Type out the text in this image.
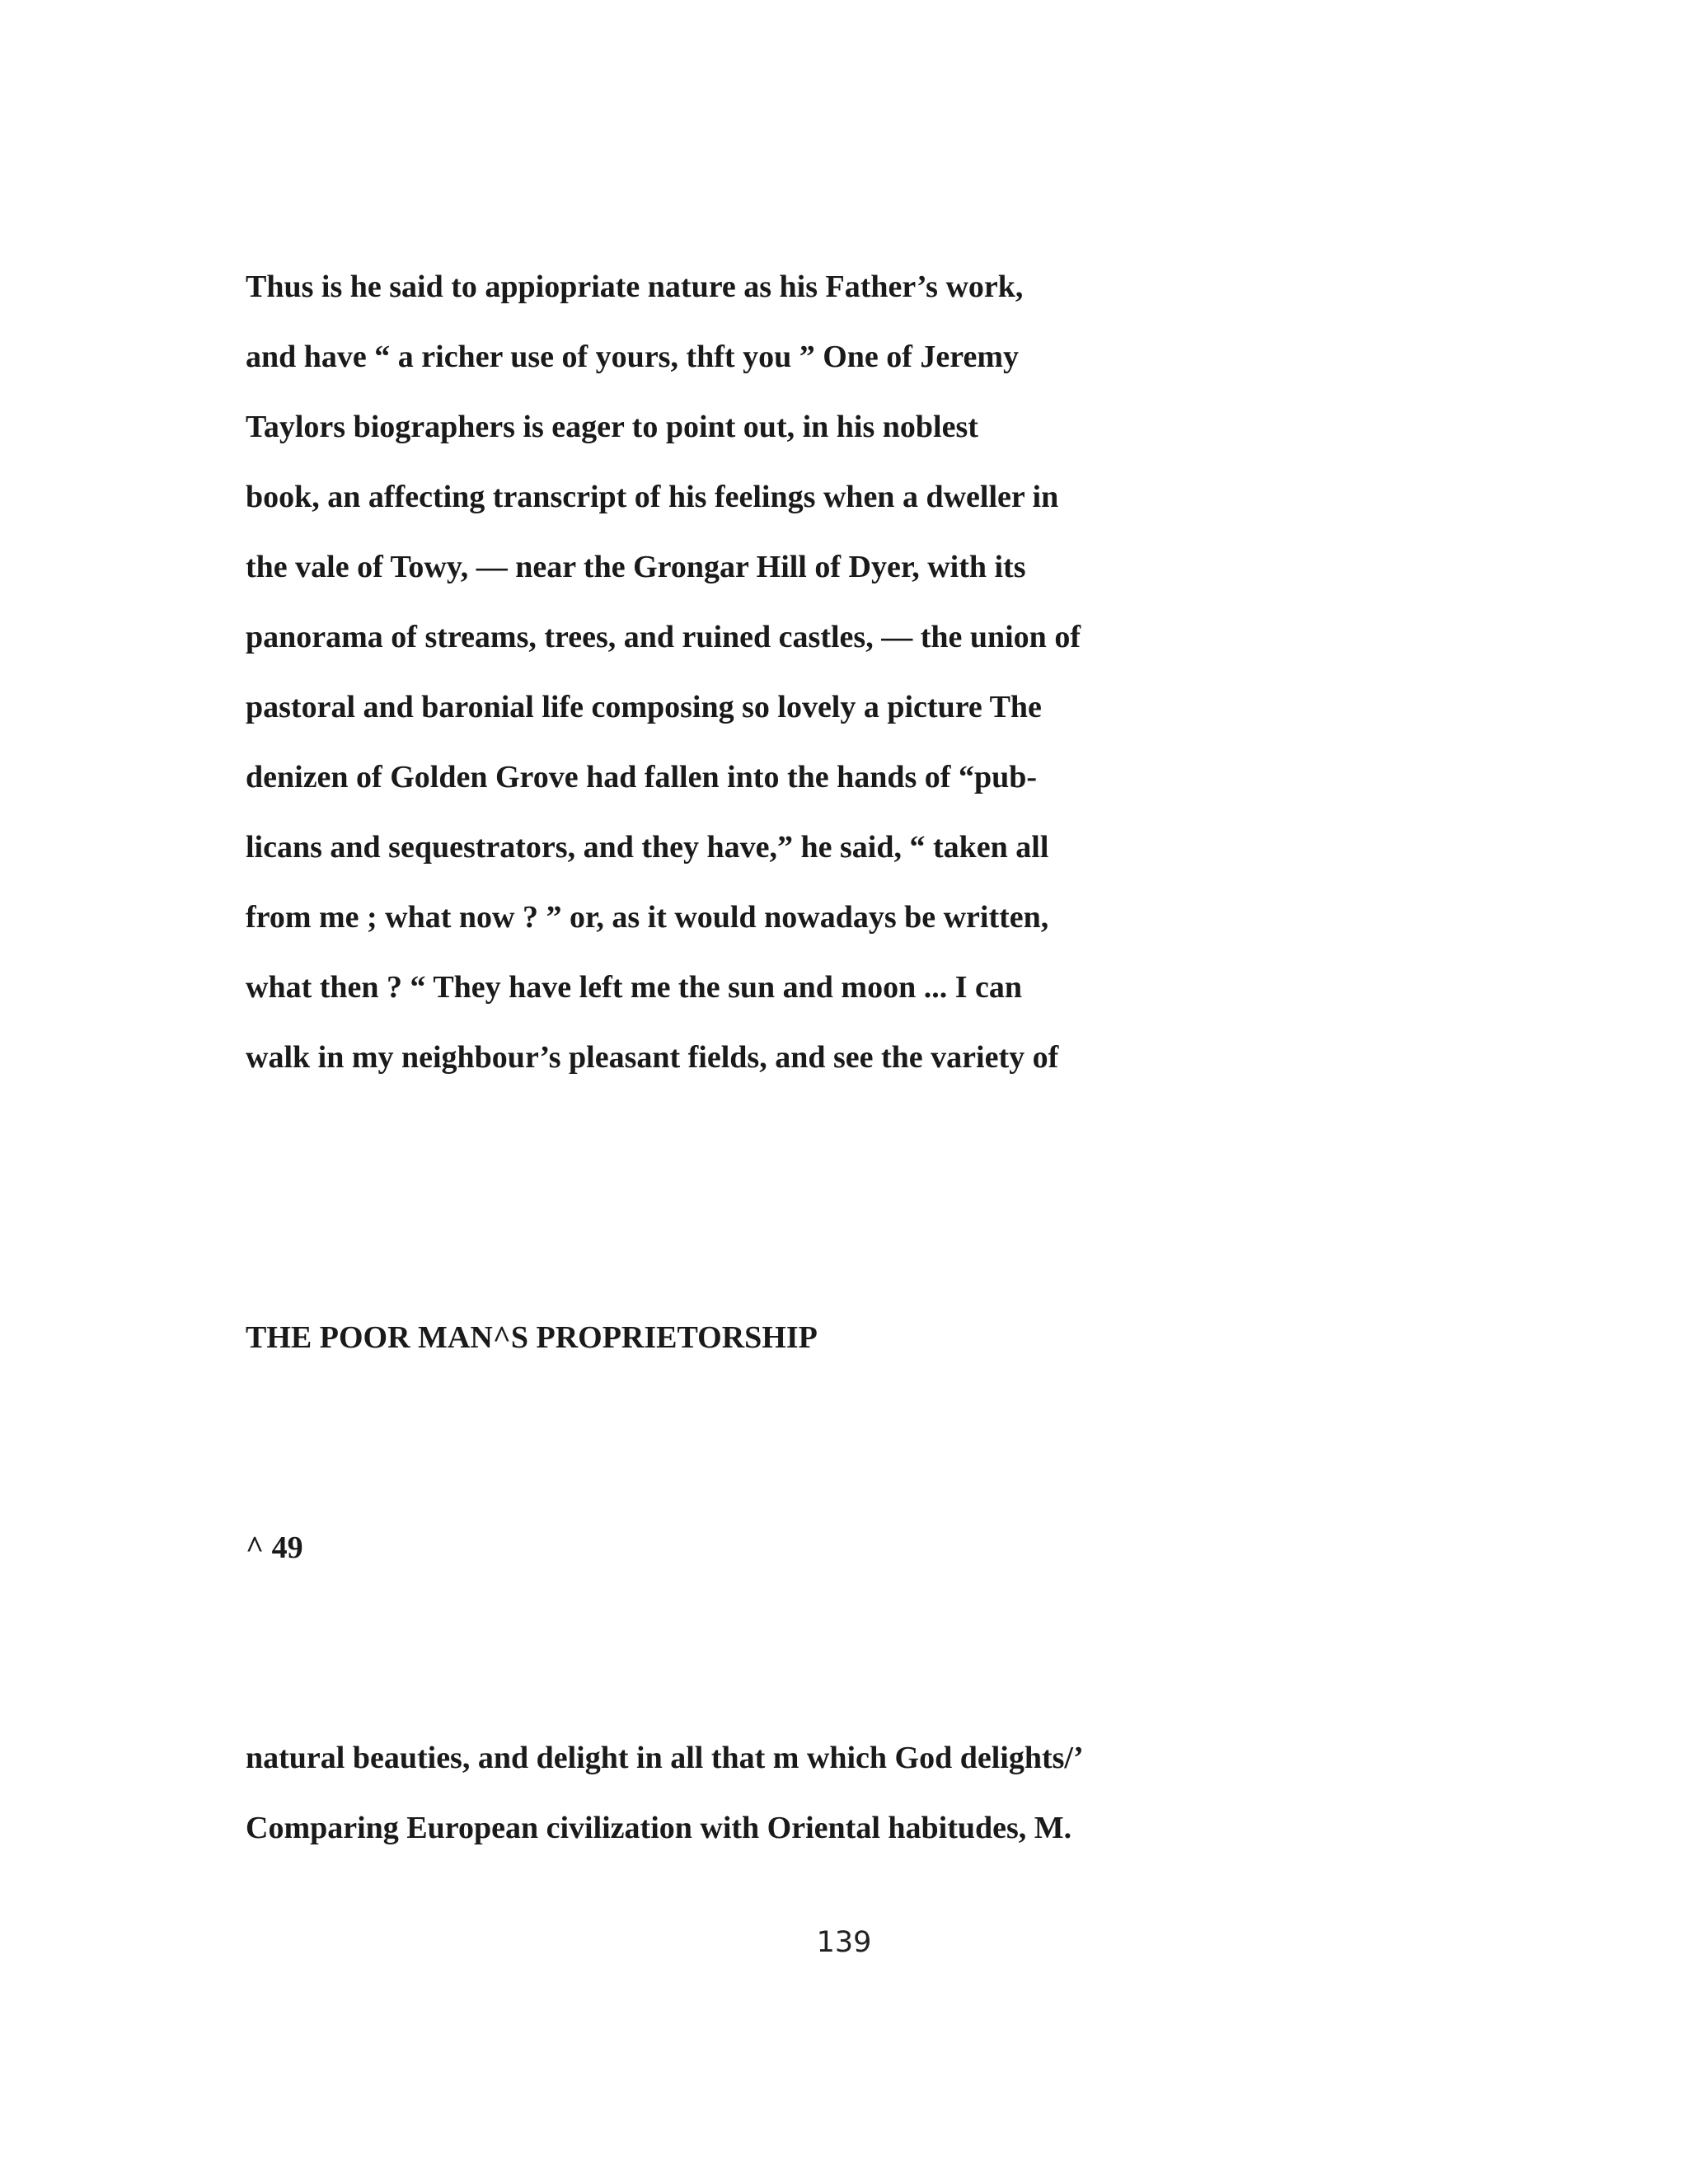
Thus is he said to appiopriate nature as his Father’s work,

and have “ a richer use of yours, thft you ” One of Jeremy

Taylors biographers is eager to point out, in his noblest

book, an affecting transcript of his feelings when a dweller in

the vale of Towy, — near the Grongar Hill of Dyer, with its

panorama of streams, trees, and ruined castles, — the union of

pastoral and baronial life composing so lovely a picture The

denizen of Golden Grove had fallen into the hands of “pub-

licans and sequestrators, and they have,” he said, “ taken all

from me ; what now ? ” or, as it would nowadays be written,

what then ? “ They have left me the sun and moon ... I can

walk in my neighbour’s pleasant fields, and see the variety of

THE POOR MAN^S PROPRIETORSHIP

^ 49

natural beauties, and delight in all that m which God delights/’

Comparing European civilization with Oriental habitudes, M.

139
